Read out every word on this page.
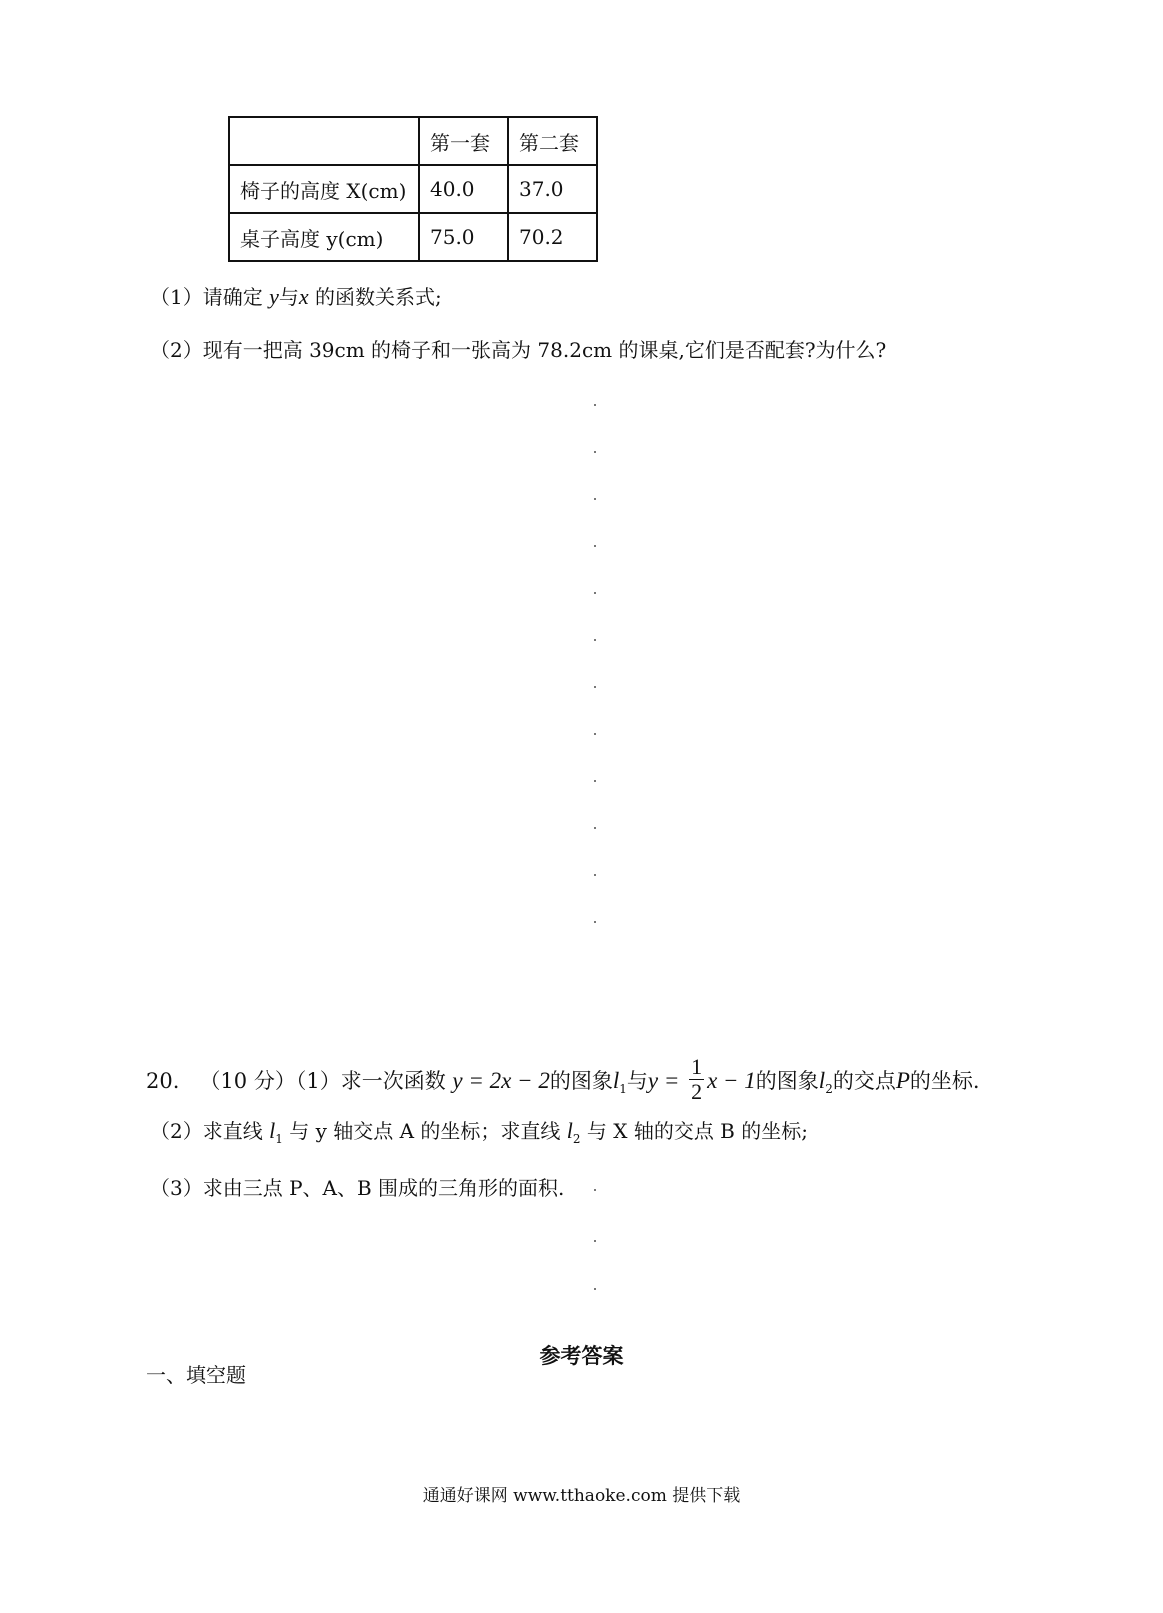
	第一套	第二套
椅子的高度 X(cm)	40.0	37.0
桌子高度 y(cm)	75.0	70.2
（1）请确定 y与x 的函数关系式;
（2）现有一把高 39cm 的椅子和一张高为 78.2cm 的课桌,它们是否配套?为什么?
20. （10 分）（1）求一次函数 y = 2x − 2的图象$l_1$与$y = \frac{1}{2}$ x − 1的图象$l_2$的交点P的坐标.
（2）求直线 $l_1$ 与 y 轴交点 A 的坐标；求直线 $l_2$ 与 X 轴的交点 B 的坐标;
（3）求由三点 P、A、B 围成的三角形的面积.
参考答案
一、填空题
通通好课网 www.tthaoke.com 提供下载
